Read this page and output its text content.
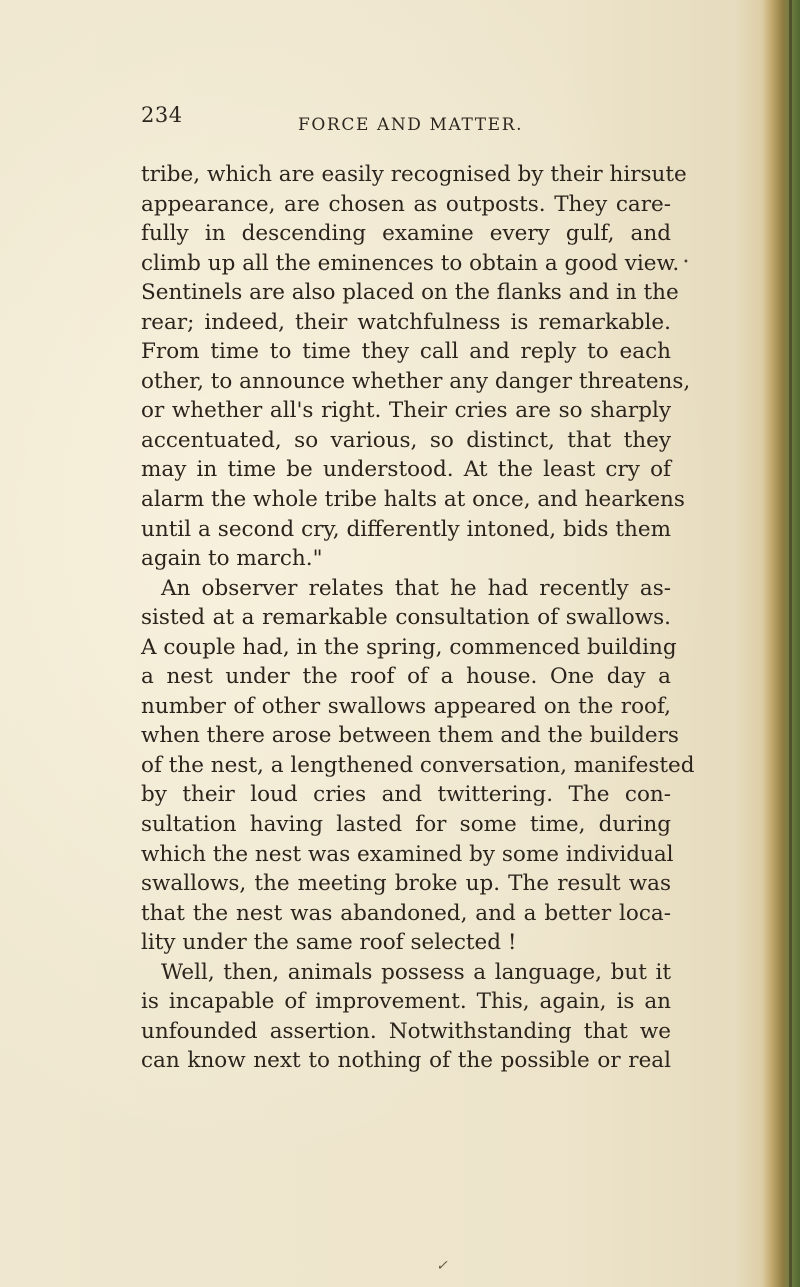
234	FORCE AND MATTER.
tribe, which are easily recognised by their hirsute
appearance, are chosen as outposts. They care-
fully in descending examine every gulf, and
climb up all the eminences to obtain a good view.
Sentinels are also placed on the flanks and in the
rear; indeed, their watchfulness is remarkable.
From time to time they call and reply to each
other, to announce whether any danger threatens,
or whether all's right. Their cries are so sharply
accentuated, so various, so distinct, that they
may in time be understood. At the least cry of
alarm the whole tribe halts at once, and hearkens
until a second cry, differently intoned, bids them
again to march."
An observer relates that he had recently as-
sisted at a remarkable consultation of swallows.
A couple had, in the spring, commenced building
a nest under the roof of a house. One day a
number of other swallows appeared on the roof,
when there arose between them and the builders
of the nest, a lengthened conversation, manifested
by their loud cries and twittering. The con-
sultation having lasted for some time, during
which the nest was examined by some individual
swallows, the meeting broke up. The result was
that the nest was abandoned, and a better loca-
lity under the same roof selected !
Well, then, animals possess a language, but it
is incapable of improvement. This, again, is an
unfounded assertion. Notwithstanding that we
can know next to nothing of the possible or real
•
✓
